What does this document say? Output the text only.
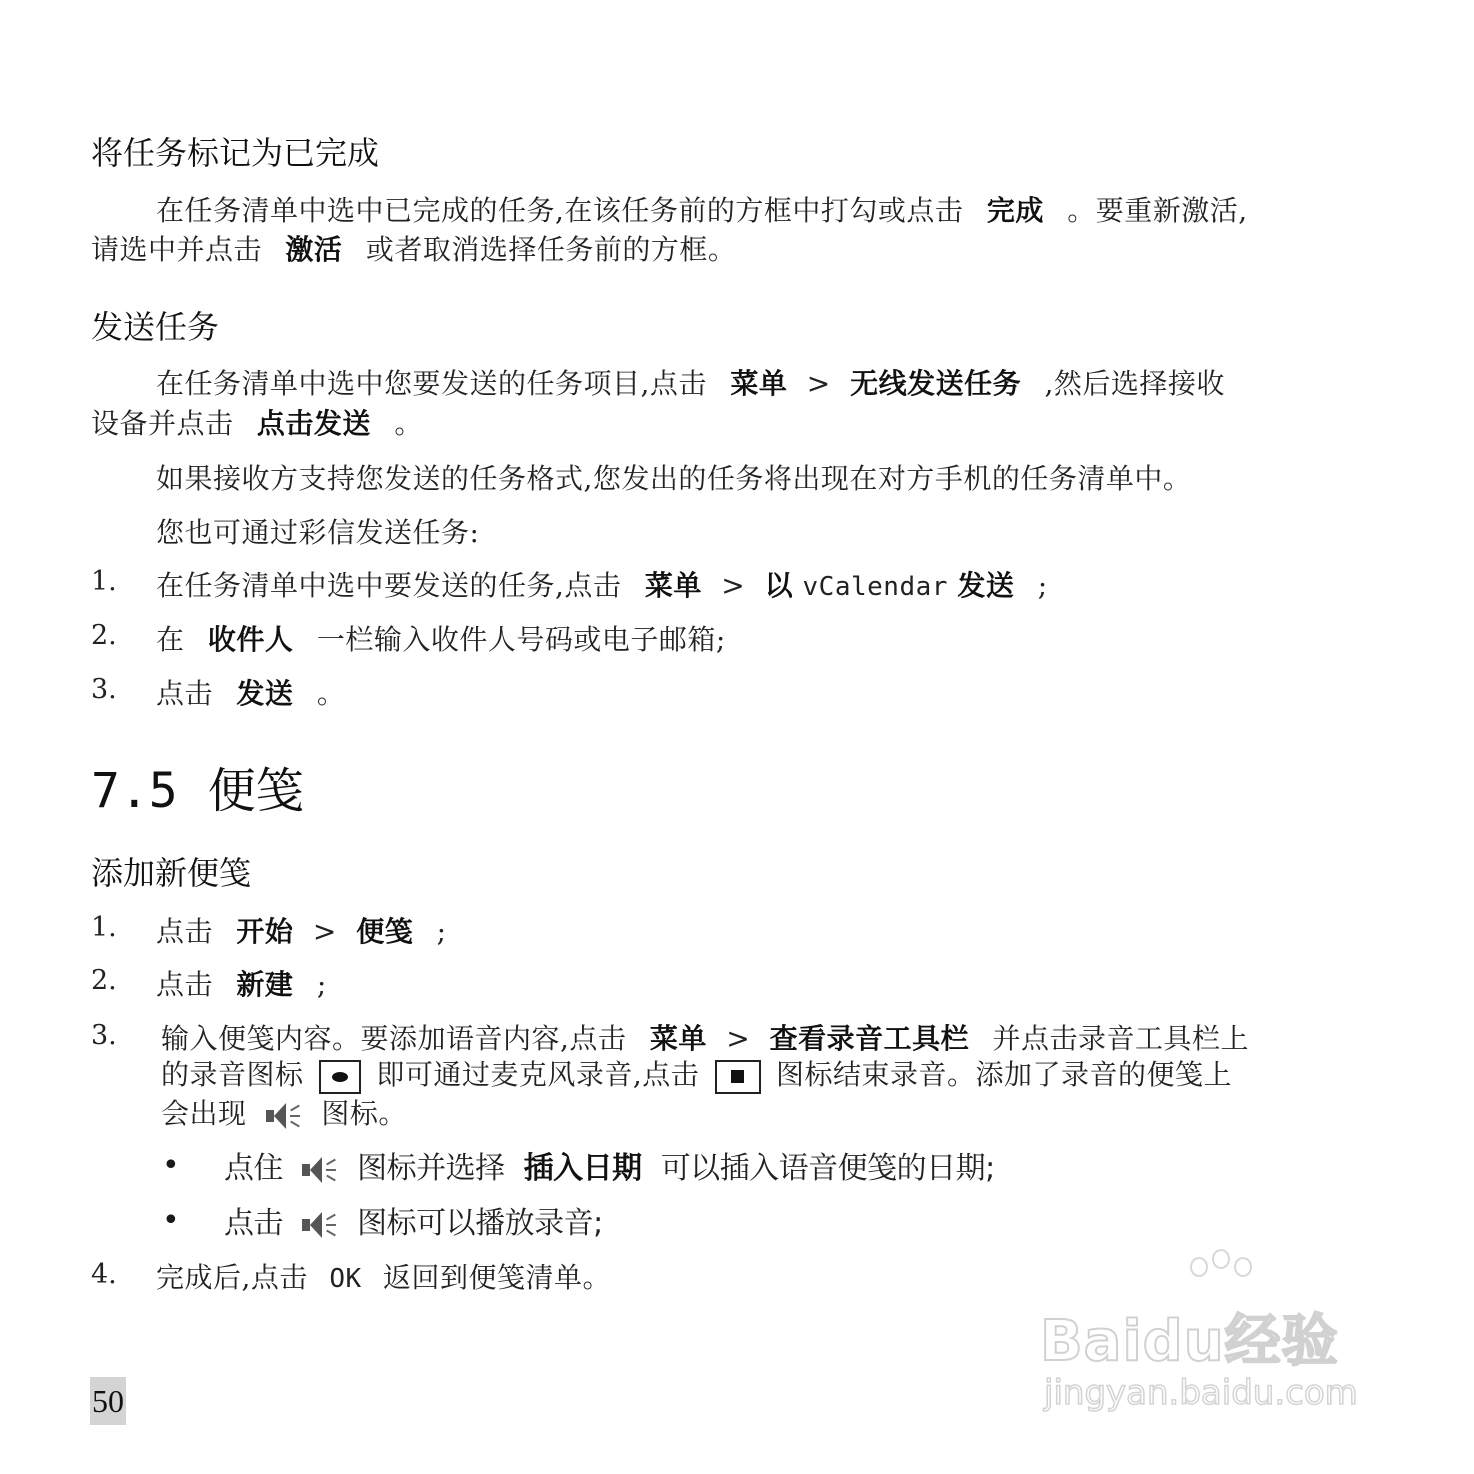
将任务标记为已完成
在任务清单中选中已完成的任务,在该任务前的方框中打勾或点击 完成 。要重新激活,
请选中并点击 激活 或者取消选择任务前的方框。
发送任务
在任务清单中选中您要发送的任务项目,点击 菜单 > 无线发送任务 ,然后选择接收
设备并点击 点击发送 。
如果接收方支持您发送的任务格式,您发出的任务将出现在对方手机的任务清单中。
您也可通过彩信发送任务:
1. 在任务清单中选中要发送的任务,点击 菜单 > 以 vCalendar 发送 ;
2. 在 收件人 一栏输入收件人号码或电子邮箱;
3. 点击 发送 。
7.5 便笺
添加新便笺
1. 点击 开始 > 便笺 ;
2. 点击 新建 ;
3. 输入便笺内容。要添加语音内容,点击 菜单 > 查看录音工具栏 并点击录音工具栏上
的录音图标	即可通过麦克风录音,点击	图标结束录音。添加了录音的便笺上
会出现	图标。
• 点住 图标并选择 插入日期 可以插入语音便笺的日期;
• 点击 图标可以播放录音;
4. 完成后,点击 OK 返回到便笺清单。
50
Baidu经验
jingyan.baidu.com
